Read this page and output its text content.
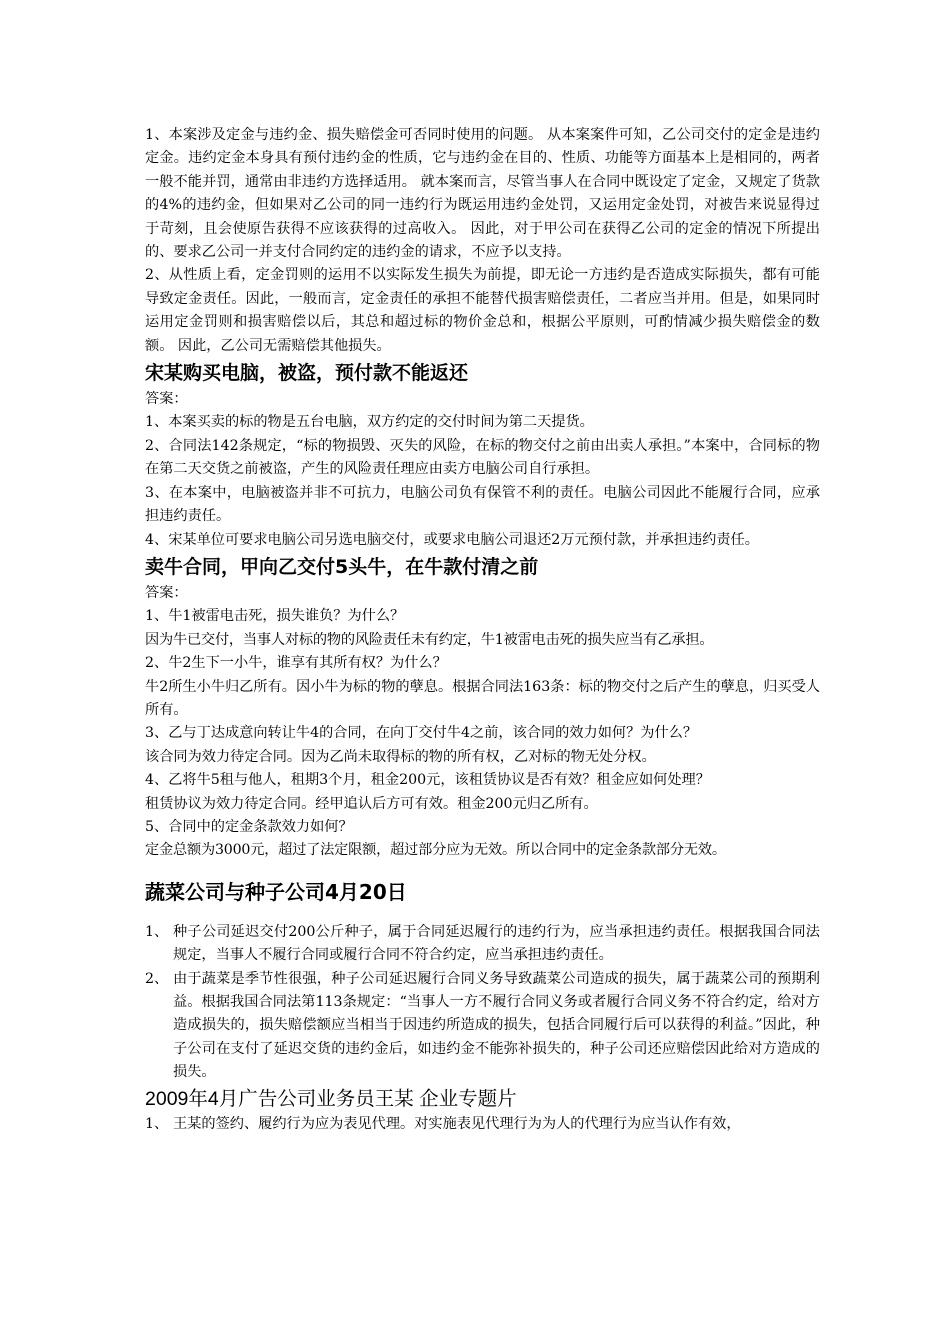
1、本案涉及定金与违约金、损失赔偿金可否同时使用的问题。 从本案案件可知，乙公司交付的定金是违约定金。违约定金本身具有预付违约金的性质，它与违约金在目的、性质、功能等方面基本上是相同的，两者一般不能并罚，通常由非违约方选择适用。 就本案而言，尽管当事人在合同中既设定了定金，又规定了货款的4%的违约金，但如果对乙公司的同一违约行为既运用违约金处罚，又运用定金处罚，对被告来说显得过于苛刻，且会使原告获得不应该获得的过高收入。 因此，对于甲公司在获得乙公司的定金的情况下所提出的、要求乙公司一并支付合同约定的违约金的请求，不应予以支持。

2、从性质上看，定金罚则的运用不以实际发生损失为前提，即无论一方违约是否造成实际损失，都有可能导致定金责任。因此，一般而言，定金责任的承担不能替代损害赔偿责任，二者应当并用。但是，如果同时运用定金罚则和损害赔偿以后，其总和超过标的物价金总和，根据公平原则，可酌情减少损失赔偿金的数额。 因此，乙公司无需赔偿其他损失。

宋某购买电脑，被盗，预付款不能返还

答案：

1、本案买卖的标的物是五台电脑，双方约定的交付时间为第二天提货。

2、合同法142条规定，“标的物损毁、灭失的风险，在标的物交付之前由出卖人承担。”本案中，合同标的物在第二天交货之前被盗，产生的风险责任理应由卖方电脑公司自行承担。

3、在本案中，电脑被盗并非不可抗力，电脑公司负有保管不利的责任。电脑公司因此不能履行合同，应承担违约责任。

4、宋某单位可要求电脑公司另选电脑交付，或要求电脑公司退还2万元预付款，并承担违约责任。

卖牛合同，甲向乙交付5头牛，在牛款付清之前

答案：

1、牛1被雷电击死，损失谁负？为什么？

因为牛已交付，当事人对标的物的风险责任未有约定，牛1被雷电击死的损失应当有乙承担。

2、牛2生下一小牛，谁享有其所有权？为什么？

牛2所生小牛归乙所有。因小牛为标的物的孽息。根据合同法163条：标的物交付之后产生的孽息，归买受人所有。

3、乙与丁达成意向转让牛4的合同，在向丁交付牛4之前，该合同的效力如何？为什么？

该合同为效力待定合同。因为乙尚未取得标的物的所有权，乙对标的物无处分权。

4、乙将牛5租与他人，租期3个月，租金200元，该租赁协议是否有效？租金应如何处理？

租赁协议为效力待定合同。经甲追认后方可有效。租金200元归乙所有。

5、合同中的定金条款效力如何？

定金总额为3000元，超过了法定限额，超过部分应为无效。所以合同中的定金条款部分无效。

蔬菜公司与种子公司4月20日
1、 种子公司延迟交付200公斤种子，属于合同延迟履行的违约行为，应当承担违约责任。根据我国合同法规定，当事人不履行合同或履行合同不符合约定，应当承担违约责任。

2、 由于蔬菜是季节性很强，种子公司延迟履行合同义务导致蔬菜公司造成的损失，属于蔬菜公司的预期利益。根据我国合同法第113条规定：“当事人一方不履行合同义务或者履行合同义务不符合约定，给对方造成损失的，损失赔偿额应当相当于因违约所造成的损失，包括合同履行后可以获得的利益。”因此，种子公司在支付了延迟交货的违约金后，如违约金不能弥补损失的，种子公司还应赔偿因此给对方造成的损失。

2009年4月广告公司业务员王某 企业专题片
1、 王某的签约、履约行为应为表见代理。对实施表见代理行为为人的代理行为应当认作有效，
